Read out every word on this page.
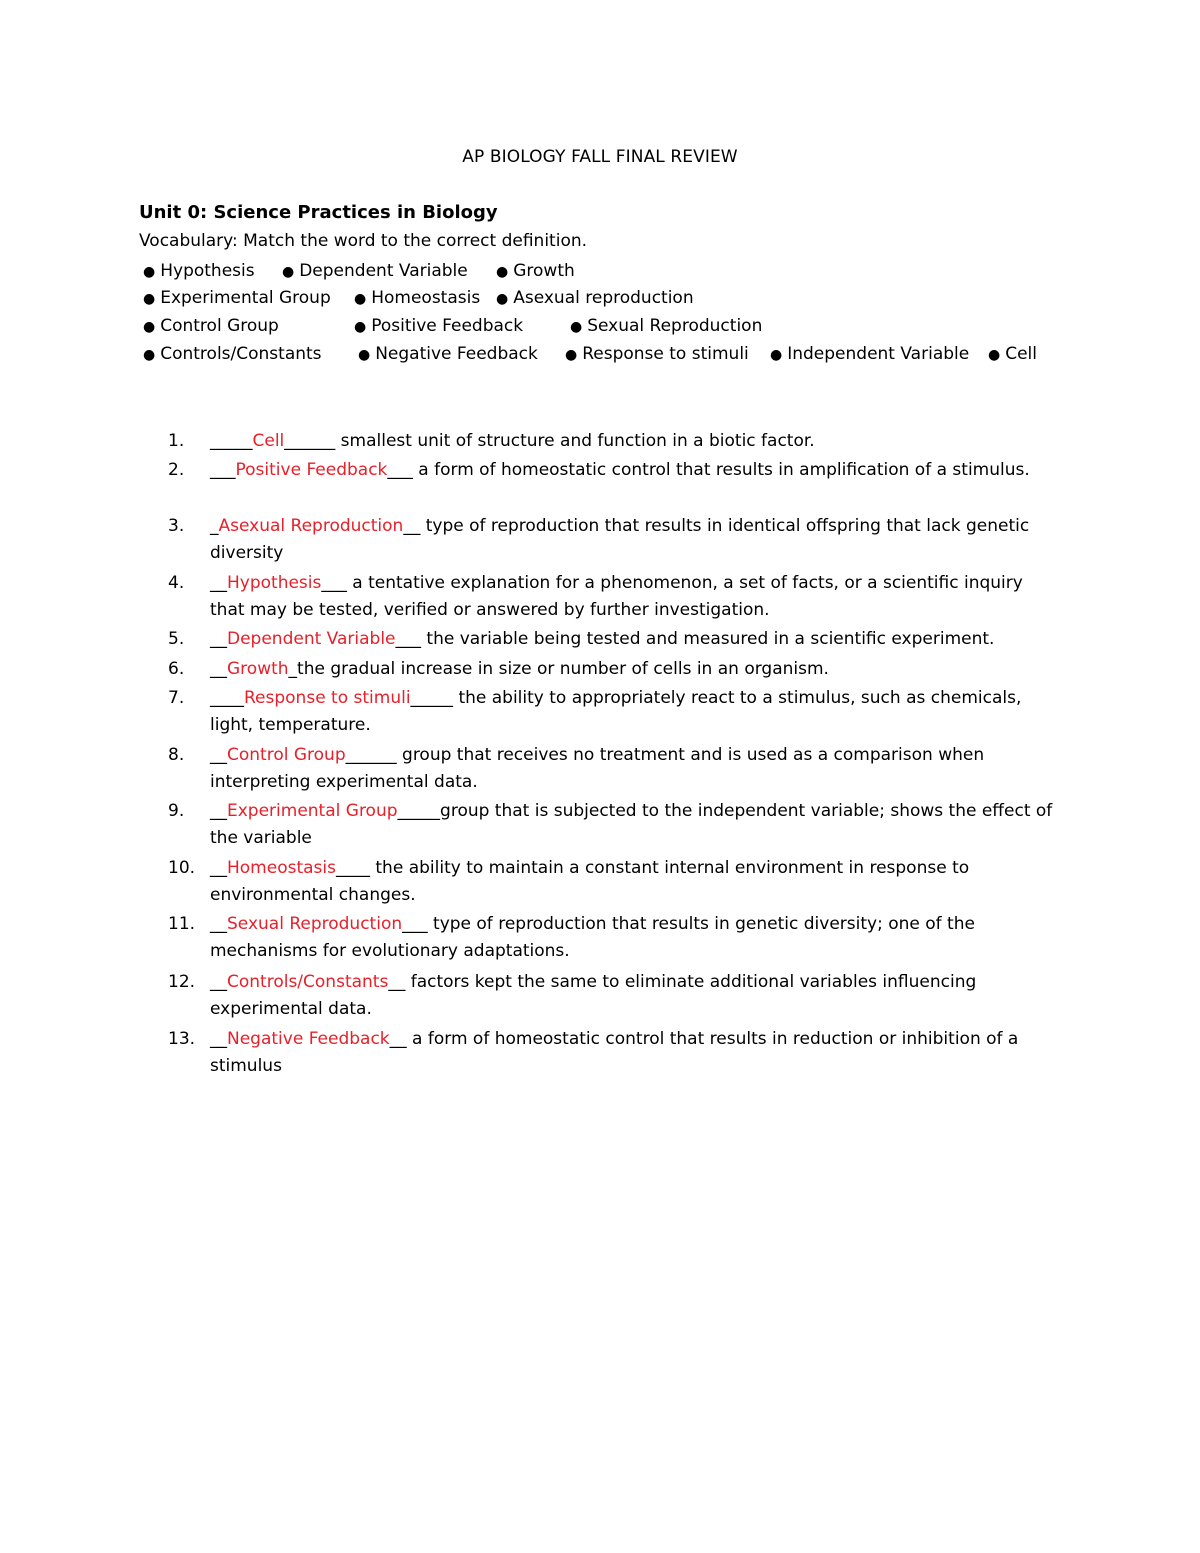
AP BIOLOGY FALL FINAL REVIEW
Unit 0: Science Practices in Biology
Vocabulary: Match the word to the correct definition.
● Hypothesis ● Dependent Variable ● Growth
● Experimental Group ● Homeostasis ● Asexual reproduction
● Control Group	● Positive Feedback	● Sexual Reproduction
● Controls/Constants	● Negative Feedback ● Response to stimuli ● Independent Variable ● Cell
1.	_____Cell______ smallest unit of structure and function in a biotic factor.
2.	___Positive Feedback___ a form of homeostatic control that results in amplification of a stimulus.
3.	_Asexual Reproduction__ type of reproduction that results in identical offspring that lack genetic diversity
4.	__Hypothesis___ a tentative explanation for a phenomenon, a set of facts, or a scientific inquiry that may be tested, verified or answered by further investigation.
5.	__Dependent Variable___ the variable being tested and measured in a scientific experiment.
6.	__Growth_the gradual increase in size or number of cells in an organism.
7.	____Response to stimuli_____ the ability to appropriately react to a stimulus, such as chemicals, light, temperature.
8.	__Control Group______ group that receives no treatment and is used as a comparison when interpreting experimental data.
9.	__Experimental Group_____group that is subjected to the independent variable; shows the effect of the variable
10. __Homeostasis____ the ability to maintain a constant internal environment in response to environmental changes.
11. __Sexual Reproduction___ type of reproduction that results in genetic diversity; one of the mechanisms for evolutionary adaptations.
12. __Controls/Constants__ factors kept the same to eliminate additional variables influencing experimental data.
13. __Negative Feedback__ a form of homeostatic control that results in reduction or inhibition of a stimulus
